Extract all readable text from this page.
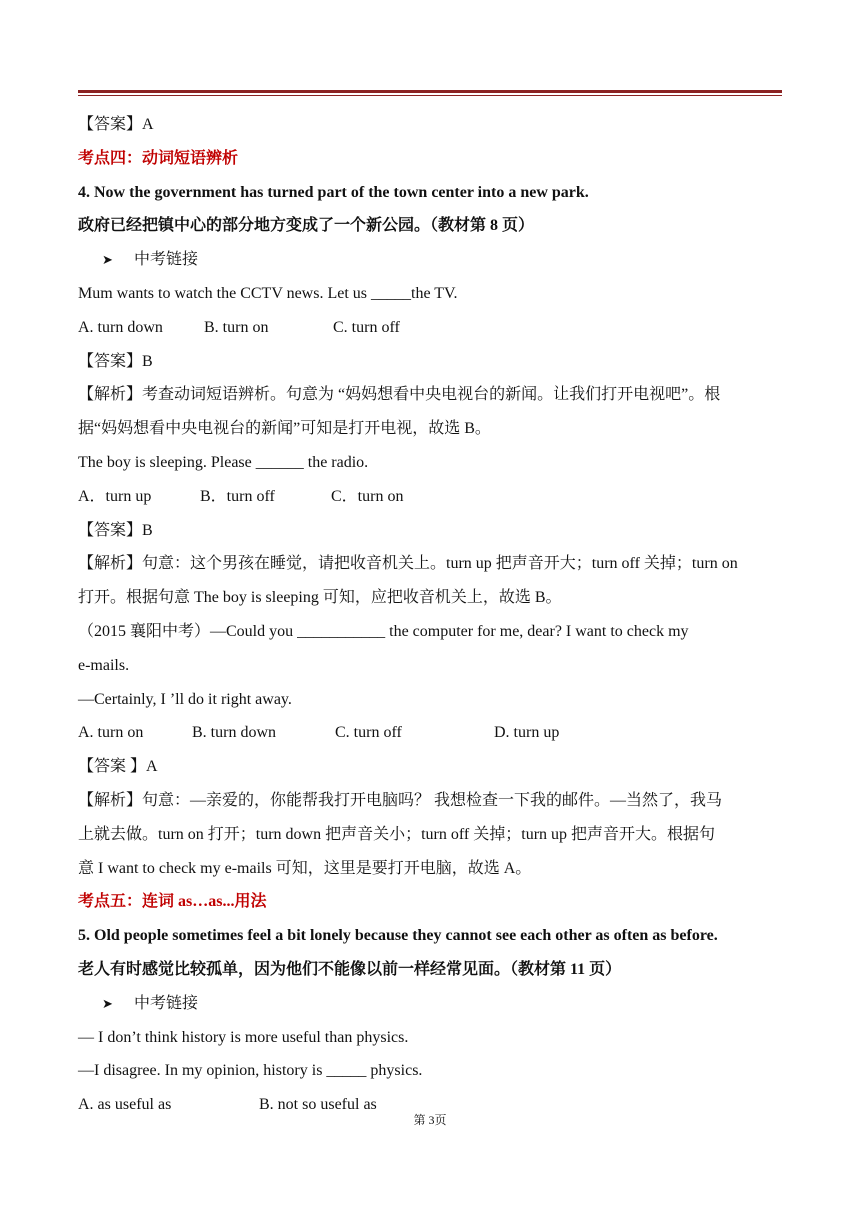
【答案】A
考点四：动词短语辨析
4. Now the government has turned part of the town center into a new park.
政府已经把镇中心的部分地方变成了一个新公园。（教材第 8 页）
➤ 中考链接
Mum wants to watch the CCTV news. Let us _____the TV.
A. turn down	B. turn on	C. turn off
【答案】B
【解析】考查动词短语辨析。句意为 “妈妈想看中央电视台的新闻。让我们打开电视吧”。根
据“妈妈想看中央电视台的新闻”可知是打开电视，故选 B。
The boy is sleeping. Please ______ the radio.
A．turn up	B．turn off	C．turn on
【答案】B
【解析】句意：这个男孩在睡觉，请把收音机关上。turn up 把声音开大；turn off 关掉；turn on
打开。根据句意 The boy is sleeping 可知，应把收音机关上，故选 B。
（2015 襄阳中考）—Could you ___________ the computer for me, dear? I want to check my
e-mails.
—Certainly, I ’ll do it right away.
A. turn on	B. turn down	C. turn off	D. turn up
【答案 】A
【解析】句意：—亲爱的，你能帮我打开电脑吗？ 我想检查一下我的邮件。—当然了，我马
上就去做。turn on 打开；turn down 把声音关小；turn off 关掉；turn up 把声音开大。根据句
意 I want to check my e-mails 可知，这里是要打开电脑，故选 A。
考点五：连词 as…as...用法
5. Old people sometimes feel a bit lonely because they cannot see each other as often as before.
老人有时感觉比较孤单，因为他们不能像以前一样经常见面。（教材第 11 页）
➤ 中考链接
— I don’t think history is more useful than physics.
—I disagree. In my opinion, history is _____ physics.
A. as useful as	B. not so useful as
第 3页
